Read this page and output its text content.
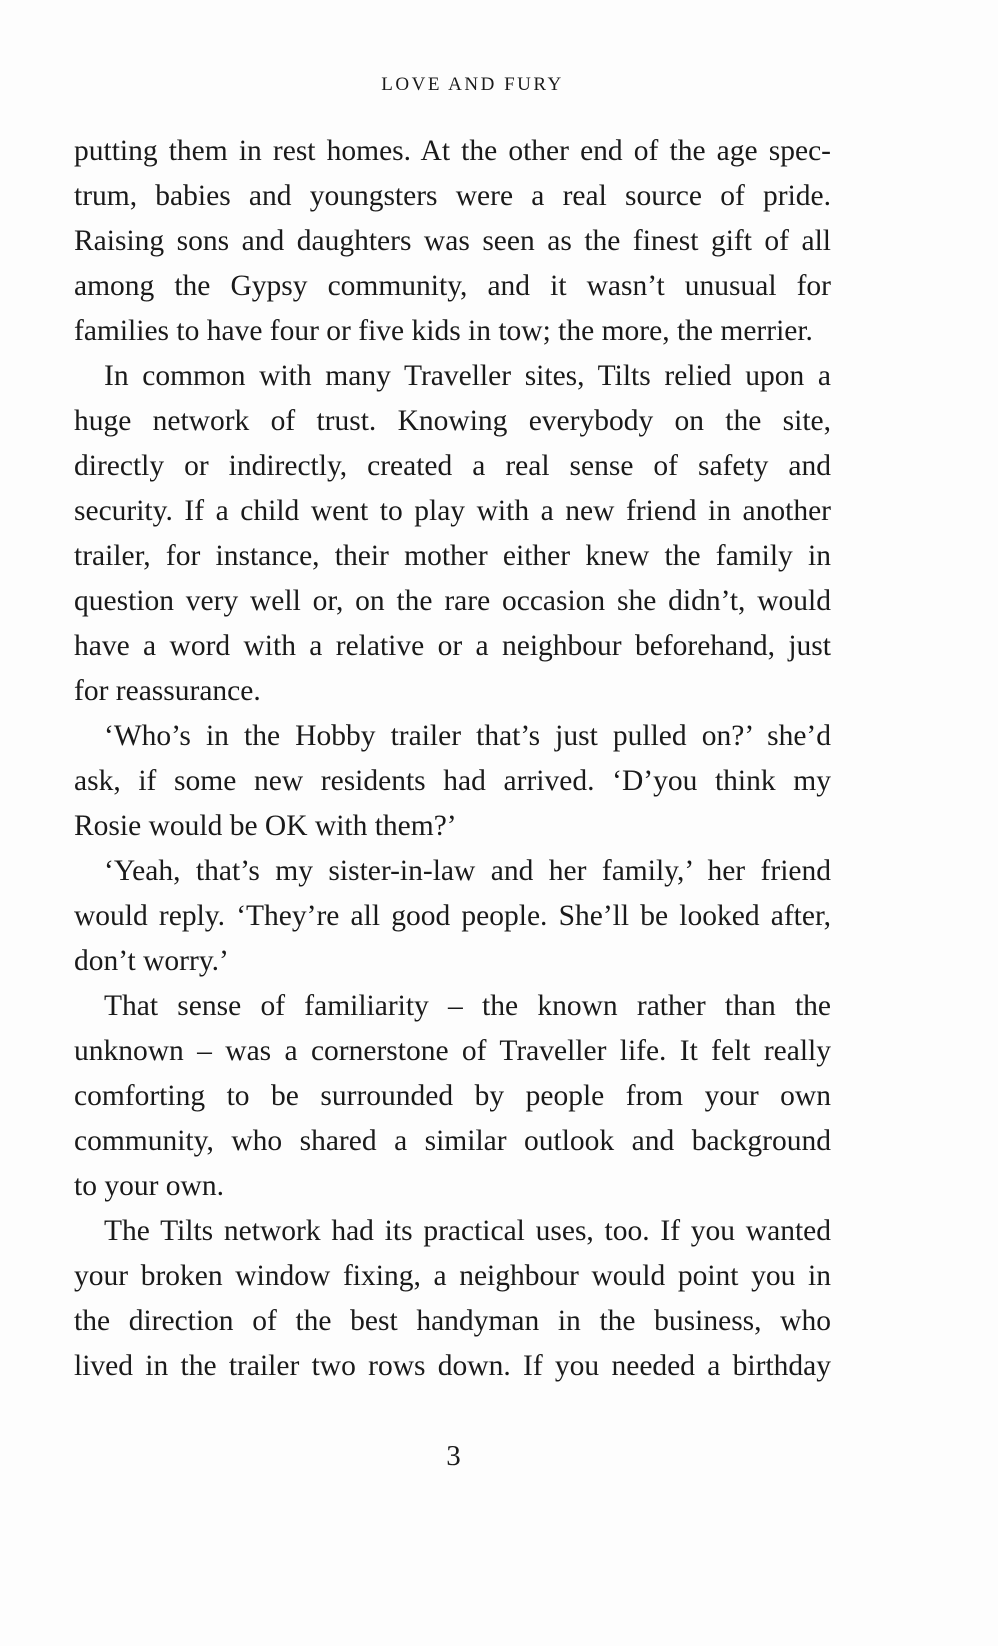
LOVE AND FURY
putting them in rest homes. At the other end of the age spec-
trum, babies and youngsters were a real source of pride.
Raising sons and daughters was seen as the finest gift of all
among the Gypsy community, and it wasn’t unusual for
families to have four or five kids in tow; the more, the merrier.
In common with many Traveller sites, Tilts relied upon a
huge network of trust. Knowing everybody on the site,
directly or indirectly, created a real sense of safety and
security. If a child went to play with a new friend in another
trailer, for instance, their mother either knew the family in
question very well or, on the rare occasion she didn’t, would
have a word with a relative or a neighbour beforehand, just
for reassurance.
‘Who’s in the Hobby trailer that’s just pulled on?’ she’d
ask, if some new residents had arrived. ‘D’you think my
Rosie would be OK with them?’
‘Yeah, that’s my sister-in-law and her family,’ her friend
would reply. ‘They’re all good people. She’ll be looked after,
don’t worry.’
That sense of familiarity – the known rather than the
unknown – was a cornerstone of Traveller life. It felt really
comforting to be surrounded by people from your own
community, who shared a similar outlook and background
to your own.
The Tilts network had its practical uses, too. If you wanted
your broken window fixing, a neighbour would point you in
the direction of the best handyman in the business, who
lived in the trailer two rows down. If you needed a birthday
3
